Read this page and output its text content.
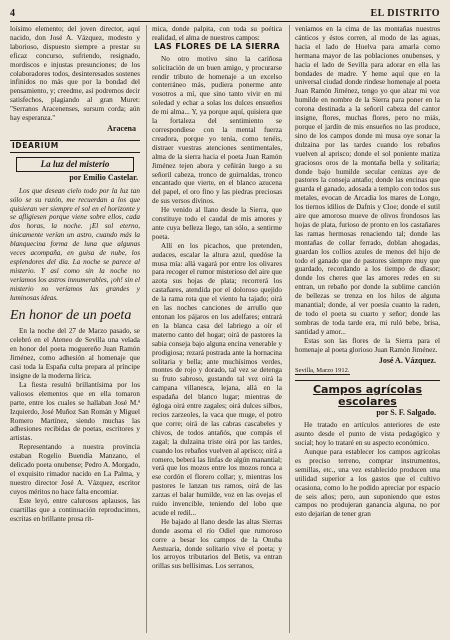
4	EL DISTRITO

loísimo elemento; del joven director, aquí nacido, don José A. Vázquez, modesto y laborioso, dispuesto siempre a prestar su eficaz concurso, sufriendo, resignado, mordiscos e injustas presunciones; de los colaboradores todos, desinteresados sostenes infinidos no más que por la bondad del pensamiento, y; creedme, así podremos decir satisfechos, plagiando al gran Muret: "Serranos Aracenenses, sursum corda; aún hay esperanza."

Aracena
IDEARIUM
La luz del misterio
por Emilio Castelar.

Los que desean cielo todo por la luz tan sólo se su razón, me recuerdan a los que quisieran ver siempre el sol en el horizonte y se afligiesen porque viene sobre ellos, cada dos horas, la noche. ¡El sol eterno, únicamente verían un astro, cuando más la blanquecina forma de luna que algunas veces acompaña, en guisa de nube, los esplendores del día. La noche se parece al misterio. Y así como sin la noche no veríamos los astros innumerables, ¡oh! sin el misterio no veríamos las grandes y luminosas ideas.

En honor de un poeta

En la noche del 27 de Marzo pasado, se celebró en el Ateneo de Sevilla una velada en honor del poeta moguereño Juan Ramón Jiménez, como adhesión al homenaje que casi toda la España culta prepara al príncipe insigne de la moderna lírica.

La fiesta resultó brillantísima por los valiosos elementos que en ella tomaron parte, entre los cuales se hallaban José M.ª Izquierdo, José Muñoz San Román y Miguel Romero Martínez, siendo muchas las adhesiones recibidas de poetas, escritores y artistas.

Representando a nuestra provincia estaban Rogelio Buendía Manzano, el delicado poeta onubense; Pedro A. Morgado, el exquisito rimador nacido en La Palma, y nuestro director José A. Vázquez, escritor cuyos méritos no hace falta encomiar.

Este leyó, entre calurosos aplausos, las cuartillas que a continuación reproducimos, escritas en brillante prosa rít-

mica, donde palpita, con toda su poética realidad, el alma de nuestros campos:

LAS FLORES DE LA SIERRA

No otro motivo sino la cariñosa solicitación de un buen amigo, y procurarse rendir tributo de homenaje a un excelso conterráneo más, pudiera ponerme ante vosotros a mí, que sino tanto vivir en mi soledad y echar a solas los dulces ensueños de mi alma... Y, ya porque aquí, quisiera que la fortaleza del sentimiento se correspondiese con la mental fuerza creadora, porque yo tenía, como tenéis, distraer vuestras atenciones sentimentales, alma de la sierra hacia el poeta Juan Ramón Jiménez tejen abora y ceñirán luego a su señoril cabeza, tronco de guirnaldas, tronco encantado que vierte, en el blanco azucena del papel, el oro fino y las piedras preciosas de sus versos divinos.

He venido al llano desde la Sierra, que constituye todo el caudal de mis amores y ante cuya belleza llego, tan sólo, a sentirme poeta.

Allí en los picachos, que pretenden, audaces, escalar la altura azul, quedóse la musa mía: allá vagará por entre los olivares para recoger el rumor misterioso del aire que azota sus hojas de plata; recorrerá los castañares, atendida por el doloroso quejido de la rama rota que el viento ha tajado; oirá en las noches canciones de arrullo que entonan los pájaros en los adelfares; entrará en la blanca casa del labriego a oír el materno canto del hogar; oirá de pastores la sabia conseja bajo alguna encina venerable y prodigiosa; rezará postrada ante la hornacina solitaria y bella; ante muchísimos verdes, montes de rojo y dorado, tal vez se detenga su fruto sabroso, gustando tal vez oirá la campana villanesca, lejana, allá en la espadaña del blanco lugar; mientras de égloga oirá entre zagales; oirá dulces silbos, recios zarzeoles, la vaca que muge, el potro que corre; oirá de las cabras cascabeles y chivos, de todos antañós, que compás el zagal; la dulzaina triste oirá por las tardes, cuando los rebaños vuelven al aprisco; oirá a romero, beberá las linfas de algún manantial; verá que los mozos entre los mozos ronca a ese cordón el florero collar; y, mientras los pastores le lanzan tus ramos, oirá de las zarzas el balar humilde, voz en las ovejas el ruido invencible, teniendo del lobo que acude el redil...

He bajado al llano desde las altas Sierras donde asoma el río Odiel que rumoroso corre a besar los campos de la Onuba Aestuaria, donde solitario vive el poeta; y los arroyos tributarios del Betis, va entran orillas sus bellísimas. Los serranos,

veníamos en la cima de las montañas nuestros cánticos y éstos corren, al modo de las aguas, hacia el lado de Huelva para amarla como hermana mayor de las poblaciones onubenses, y hacia el lado de Sevilla para adorar en ella las bondades de madre. Y heme aquí que en la universal ciudad donde rindese homenaje al poeta Juan Ramón Jiménez, tengo yo que alzar mi voz humilde en nombre de la Sierra para poner en la corona destinada a la señoril cabeza del cantor insigne, flores, muchas flores, pero no miás, porque el jardín de mis ensueños no las produce, sino de los campos donde mi musa oye sonar la dulzaina por las tardes cuando los rebaños vuelven al aprisco; donde el sol poniente matiza graciosos oros de la montaña bella y solitaria; donde bajo humilde secular cenizas aye de pastores la conseja antaño; donde las encinas que guarda el ganado, adosada a templo con todos sus metales, evocan de Arcadia los mares de Longo, los tiernos idilios de Dafnis y Cloe; donde el sutil aire que amoroso mueve de olivos frondosos las hojas de plata, furioso de pronto en los castañares las ramas hermosas renaciendo tal; donde las montañas de collar ferrado, doblan ahogadas, guardan los collios azules de menos del hijo de todo el ganado que de pastores siempre muy que guardado, recordando a los tiempo de dlasor; donde los cheres que las amores redes en su entran, un rebaño por donde la sublime canción de bellezas se trenza en los hilos de alguna manantial; donde, al ver poesía cuanto la raden, de todo el poeta su cuarto y señor; donde las sombras de toda tarde era, mi ruló bebe, brisa, santidad y amor...

Estas son las flores de la Sierra para el homenaje al poeta glorioso Juan Ramón Jiménez.

José A. Vázquez.
Sevilla, Marzo 1912.
Campos agrícolas escolares
por S. F. Salgado.

He tratado en artículos anteriores de este asunto desde el punto de vista pedagógico y social; hoy lo trataré en su aspecto económico.

Aunque para establecer los campos agrícolas es preciso terreno, comprar instrumentos, semillas, etc., una vez establecido producen una utilidad superior a los gastos que el cultivo ocasiona, como lo he podido apreciar por espacio de seis años; pero, aun suponiendo que estos campos no produjeran ganancia alguna, no por esto dejarían de tener gran
